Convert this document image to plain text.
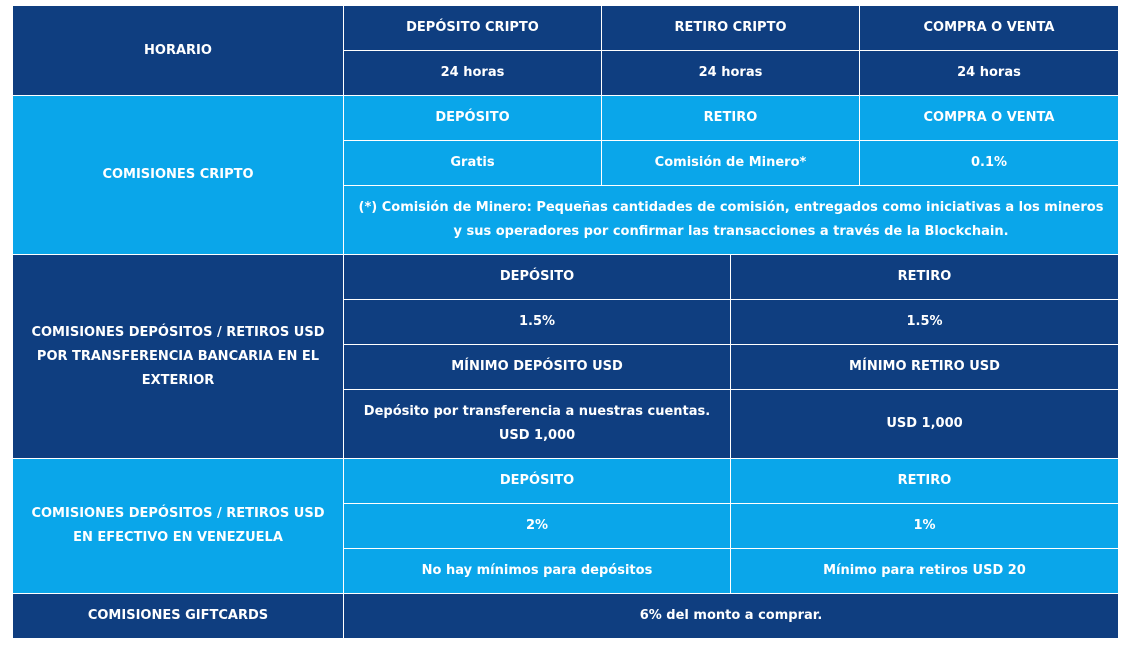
HORARIO	DEPÓSITO CRIPTO	RETIRO CRIPTO		COMPRA O VENTA
	24 horas	24 horas		24 horas
COMISIONES CRIPTO	DEPÓSITO	RETIRO		COMPRA O VENTA
	Gratis	Comisión de Minero*		0.1%
	(*) Comisión de Minero: Pequeñas cantidades de comisión, entregados como iniciativas a los mineros y sus operadores por confirmar las transacciones a través de la Blockchain.			
COMISIONES DEPÓSITOS / RETIROS USD POR TRANSFERENCIA BANCARIA EN EL EXTERIOR	DEPÓSITO		RETIRO	
	1.5%		1.5%	
	MÍNIMO DEPÓSITO USD		MÍNIMO RETIRO USD	
	Depósito por transferencia a nuestras cuentas. USD 1,000		USD 1,000	
COMISIONES DEPÓSITOS / RETIROS USD EN EFECTIVO EN VENEZUELA	DEPÓSITO		RETIRO	
	2%		1%	
	No hay mínimos para depósitos		Mínimo para retiros USD 20	
COMISIONES GIFTCARDS	6% del monto a comprar.			
